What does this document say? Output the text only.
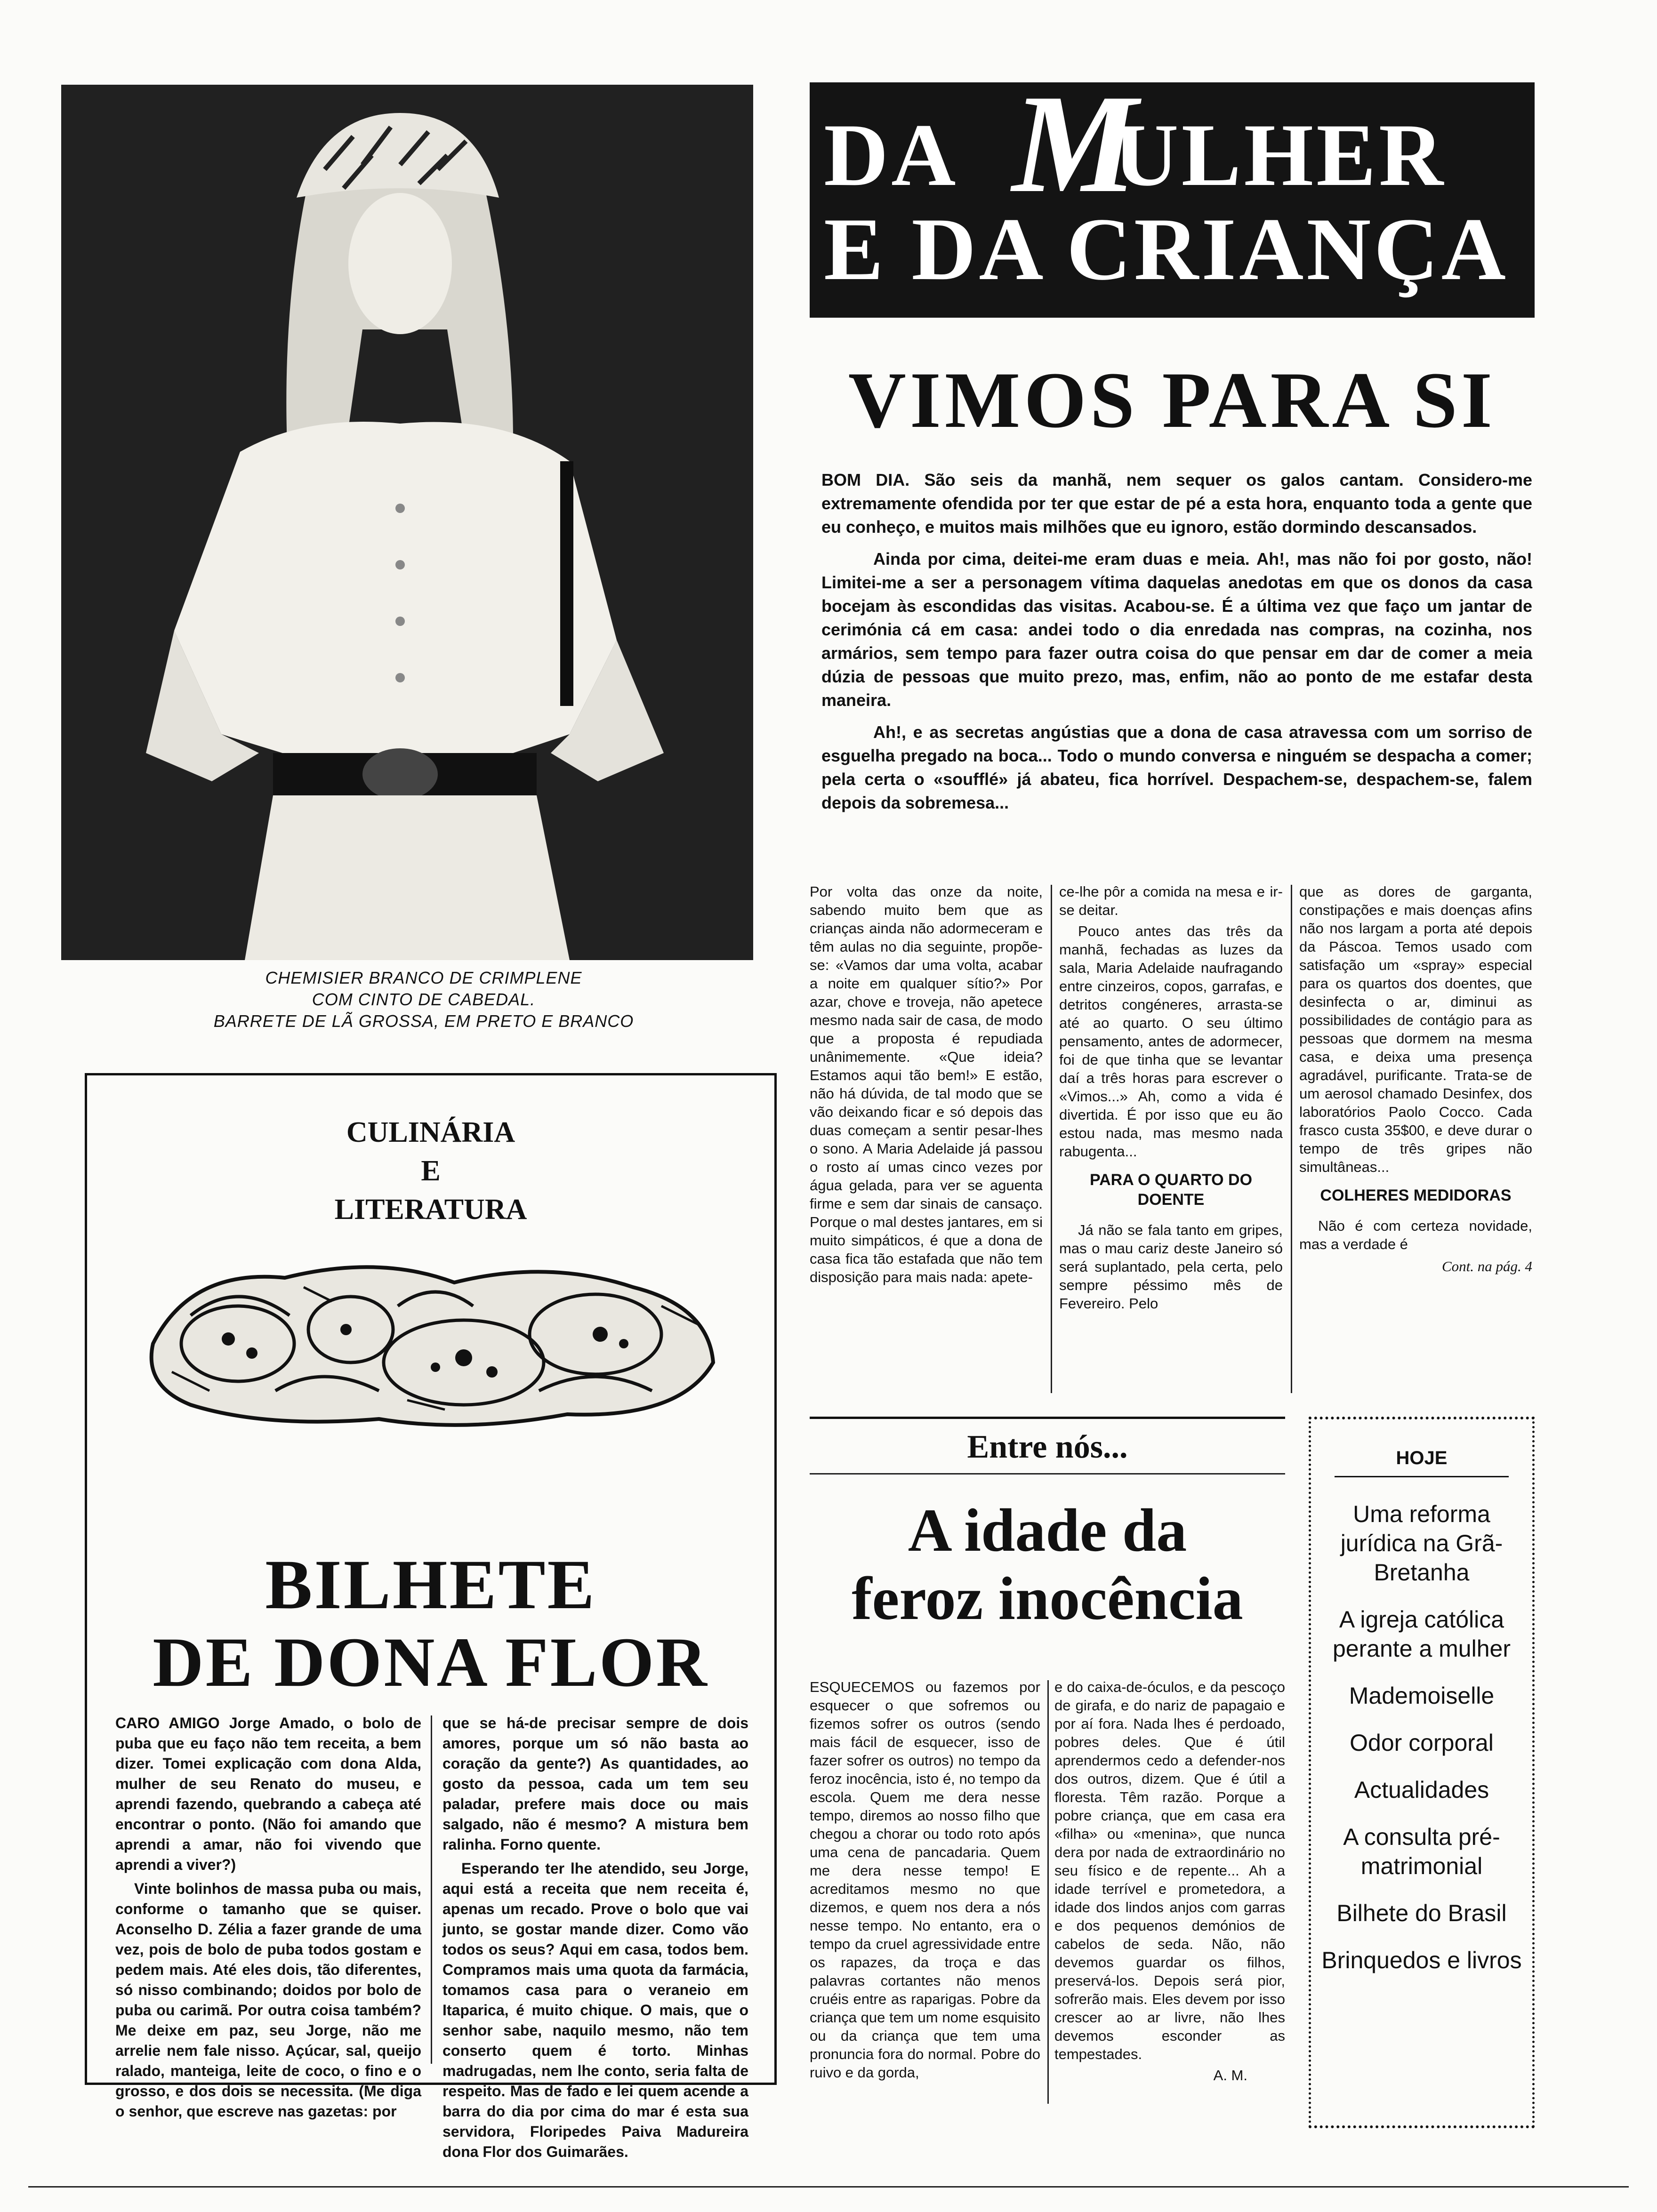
CHEMISIER BRANCO DE CRIMPLENE
COM CINTO DE CABEDAL.
BARRETE DE LÃ GROSSA, EM PRETO E BRANCO
DA ULHER
M
E DA CRIANÇA
VIMOS PARA SI

BOM DIA. São seis da manhã, nem sequer os galos cantam. Considero-me extremamente ofendida por ter que estar de pé a esta hora, enquanto toda a gente que eu conheço, e muitos mais milhões que eu ignoro, estão dormindo descansados.

Ainda por cima, deitei-me eram duas e meia. Ah!, mas não foi por gosto, não! Limitei-me a ser a personagem vítima daquelas anedotas em que os donos da casa bocejam às escondidas das visitas. Acabou-se. É a última vez que faço um jantar de cerimónia cá em casa: andei todo o dia enredada nas compras, na cozinha, nos armários, sem tempo para fazer outra coisa do que pensar em dar de comer a meia dúzia de pessoas que muito prezo, mas, enfim, não ao ponto de me estafar desta maneira.

Ah!, e as secretas angústias que a dona de casa atravessa com um sorriso de esguelha pregado na boca... Todo o mundo conversa e ninguém se despacha a comer; pela certa o «soufflé» já abateu, fica horrível. Despachem-se, despachem-se, falem depois da sobremesa...

Por volta das onze da noite, sabendo muito bem que as crianças ainda não adormeceram e têm aulas no dia seguinte, propõe-se: «Vamos dar uma volta, acabar a noite em qualquer sítio?» Por azar, chove e troveja, não apetece mesmo nada sair de casa, de modo que a proposta é repudiada unânimemente. «Que ideia? Estamos aqui tão bem!» E estão, não há dúvida, de tal modo que se vão deixando ficar e só depois das duas começam a sentir pesar-lhes o sono. A Maria Adelaide já passou o rosto aí umas cinco vezes por água gelada, para ver se aguenta firme e sem dar sinais de cansaço. Porque o mal destes jantares, em si muito simpáticos, é que a dona de casa fica tão estafada que não tem disposição para mais nada: apete-

ce-lhe pôr a comida na mesa e ir-se deitar.

Pouco antes das três da manhã, fechadas as luzes da sala, Maria Adelaide naufragando entre cinzeiros, copos, garrafas, e detritos congéneres, arrasta-se até ao quarto. O seu último pensamento, antes de adormecer, foi de que tinha que se levantar daí a três horas para escrever o «Vimos...» Ah, como a vida é divertida. É por isso que eu ão estou nada, mas mesmo nada rabugenta...

PARA O QUARTO DO DOENTE

Já não se fala tanto em gripes, mas o mau cariz deste Janeiro só será suplantado, pela certa, pelo sempre péssimo mês de Fevereiro. Pelo

que as dores de garganta, constipações e mais doenças afins não nos largam a porta até depois da Páscoa. Temos usado com satisfação um «spray» especial para os quartos dos doentes, que desinfecta o ar, diminui as possibilidades de contágio para as pessoas que dormem na mesma casa, e deixa uma presença agradável, purificante. Trata-se de um aerosol chamado Desinfex, dos laboratórios Paolo Cocco. Cada frasco custa 35$00, e deve durar o tempo de três gripes não simultâneas...

COLHERES MEDIDORAS

Não é com certeza novidade, mas a verdade é

Cont. na pág. 4
CULINÁRIA
E
LITERATURA
BILHETE
DE DONA FLOR

CARO AMIGO Jorge Amado, o bolo de puba que eu faço não tem receita, a bem dizer. Tomei explicação com dona Alda, mulher de seu Renato do museu, e aprendi fazendo, quebrando a cabeça até encontrar o ponto. (Não foi amando que aprendi a amar, não foi vivendo que aprendi a viver?)

Vinte bolinhos de massa puba ou mais, conforme o tamanho que se quiser. Aconselho D. Zélia a fazer grande de uma vez, pois de bolo de puba todos gostam e pedem mais. Até eles dois, tão diferentes, só nisso combinando; doidos por bolo de puba ou carimã. Por outra coisa também? Me deixe em paz, seu Jorge, não me arrelie nem fale nisso. Açúcar, sal, queijo ralado, manteiga, leite de coco, o fino e o grosso, e dos dois se necessita. (Me diga o senhor, que escreve nas gazetas: por

que se há-de precisar sempre de dois amores, porque um só não basta ao coração da gente?) As quantidades, ao gosto da pessoa, cada um tem seu paladar, prefere mais doce ou mais salgado, não é mesmo? A mistura bem ralinha. Forno quente.

Esperando ter lhe atendido, seu Jorge, aqui está a receita que nem receita é, apenas um recado. Prove o bolo que vai junto, se gostar mande dizer. Como vão todos os seus? Aqui em casa, todos bem. Compramos mais uma quota da farmácia, tomamos casa para o veraneio em Itaparica, é muito chique. O mais, que o senhor sabe, naquilo mesmo, não tem conserto quem é torto. Minhas madrugadas, nem lhe conto, seria falta de respeito. Mas de fado e lei quem acende a barra do dia por cima do mar é esta sua servidora, Floripedes Paiva Madureira dona Flor dos Guimarães.

Entre nós...
A idade da
feroz inocência

ESQUECEMOS ou fazemos por esquecer o que sofremos ou fizemos sofrer os outros (sendo mais fácil de esquecer, isso de fazer sofrer os outros) no tempo da feroz inocência, isto é, no tempo da escola. Quem me dera nesse tempo, diremos ao nosso filho que chegou a chorar ou todo roto após uma cena de pancadaria. Quem me dera nesse tempo! E acreditamos mesmo no que dizemos, e quem nos dera a nós nesse tempo. No entanto, era o tempo da cruel agressividade entre os rapazes, da troça e das palavras cortantes não menos cruéis entre as raparigas. Pobre da criança que tem um nome esquisito ou da criança que tem uma pronuncia fora do normal. Pobre do ruivo e da gorda,

e do caixa-de-óculos, e da pescoço de girafa, e do nariz de papagaio e por aí fora. Nada lhes é perdoado, pobres deles. Que é útil aprendermos cedo a defender-nos dos outros, dizem. Que é útil a floresta. Têm razão. Porque a pobre criança, que em casa era «filha» ou «menina», que nunca dera por nada de extraordinário no seu físico e de repente... Ah a idade terrível e prometedora, a idade dos lindos anjos com garras e dos pequenos demónios de cabelos de seda. Não, não devemos guardar os filhos, preservá-los. Depois será pior, sofrerão mais. Eles devem por isso crescer ao ar livre, não lhes devemos esconder as tempestades.

A. M.
HOJE
Uma reforma jurídica na Grã-Bretanha
A igreja católica perante a mulher
Mademoiselle
Odor corporal
Actualidades
A consulta pré-matrimonial
Bilhete do Brasil
Brinquedos e livros
